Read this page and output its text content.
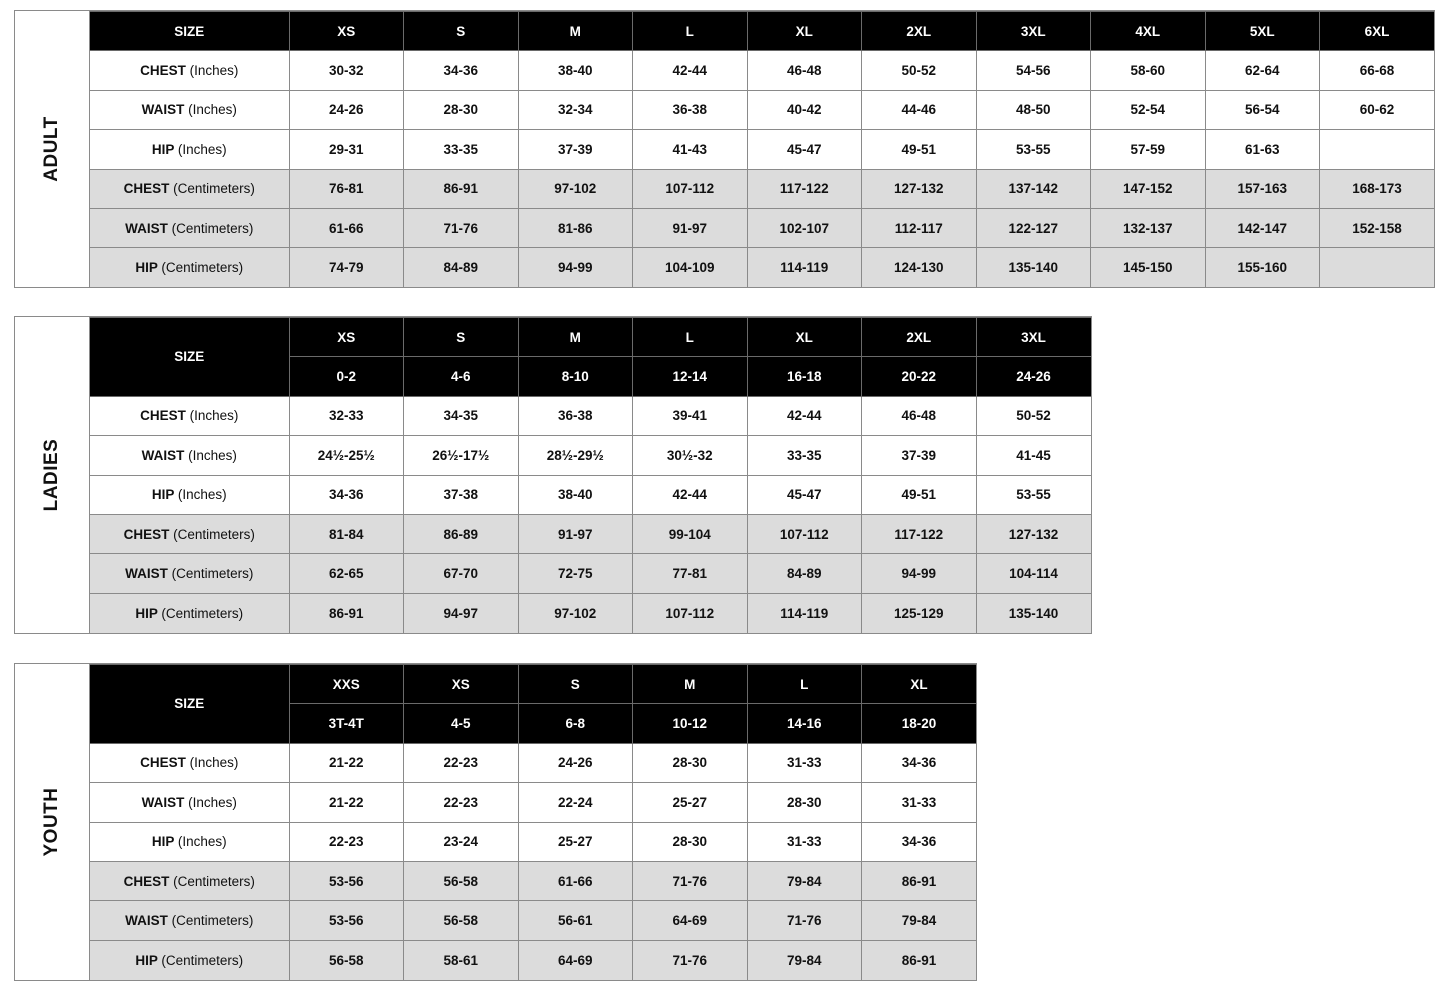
ADULT
SIZE	XS	S	M	L	XL	2XL	3XL	4XL	5XL	6XL
CHEST (Inches)	30-32	34-36	38-40	42-44	46-48	50-52	54-56	58-60	62-64	66-68
WAIST (Inches)	24-26	28-30	32-34	36-38	40-42	44-46	48-50	52-54	56-54	60-62
HIP (Inches)	29-31	33-35	37-39	41-43	45-47	49-51	53-55	57-59	61-63	
CHEST (Centimeters)	76-81	86-91	97-102	107-112	117-122	127-132	137-142	147-152	157-163	168-173
WAIST (Centimeters)	61-66	71-76	81-86	91-97	102-107	112-117	122-127	132-137	142-147	152-158
HIP (Centimeters)	74-79	84-89	94-99	104-109	114-119	124-130	135-140	145-150	155-160	
LADIES
SIZE	XS	S	M	L	XL	2XL	3XL
	0-2	4-6	8-10	12-14	16-18	20-22	24-26
CHEST (Inches)	32-33	34-35	36-38	39-41	42-44	46-48	50-52
WAIST (Inches)	24½-25½	26½-17½	28½-29½	30½-32	33-35	37-39	41-45
HIP (Inches)	34-36	37-38	38-40	42-44	45-47	49-51	53-55
CHEST (Centimeters)	81-84	86-89	91-97	99-104	107-112	117-122	127-132
WAIST (Centimeters)	62-65	67-70	72-75	77-81	84-89	94-99	104-114
HIP (Centimeters)	86-91	94-97	97-102	107-112	114-119	125-129	135-140
YOUTH
SIZE	XXS	XS	S	M	L	XL
	3T-4T	4-5	6-8	10-12	14-16	18-20
CHEST (Inches)	21-22	22-23	24-26	28-30	31-33	34-36
WAIST (Inches)	21-22	22-23	22-24	25-27	28-30	31-33
HIP (Inches)	22-23	23-24	25-27	28-30	31-33	34-36
CHEST (Centimeters)	53-56	56-58	61-66	71-76	79-84	86-91
WAIST (Centimeters)	53-56	56-58	56-61	64-69	71-76	79-84
HIP (Centimeters)	56-58	58-61	64-69	71-76	79-84	86-91
